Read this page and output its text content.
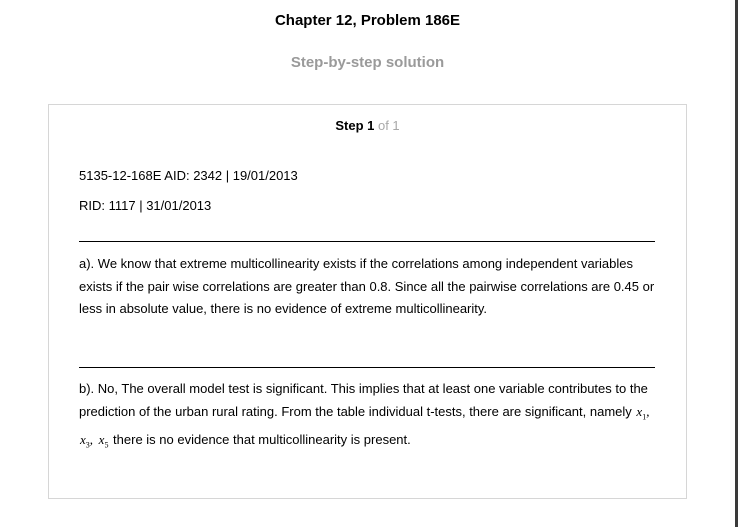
Chapter 12, Problem 186E
Step-by-step solution
Step 1 of 1
5135-12-168E AID: 2342 | 19/01/2013
RID: 1117 | 31/01/2013
a). We know that extreme multicollinearity exists if the correlations among independent variables exists if the pair wise correlations are greater than 0.8. Since all the pairwise correlations are 0.45 or less in absolute value, there is no evidence of extreme multicollinearity.
b). No, The overall model test is significant. This implies that at least one variable contributes to the prediction of the urban rural rating. From the table individual t-tests, there are significant, namely $x_1$, $x_3$, $x_5$ there is no evidence that multicollinearity is present.
